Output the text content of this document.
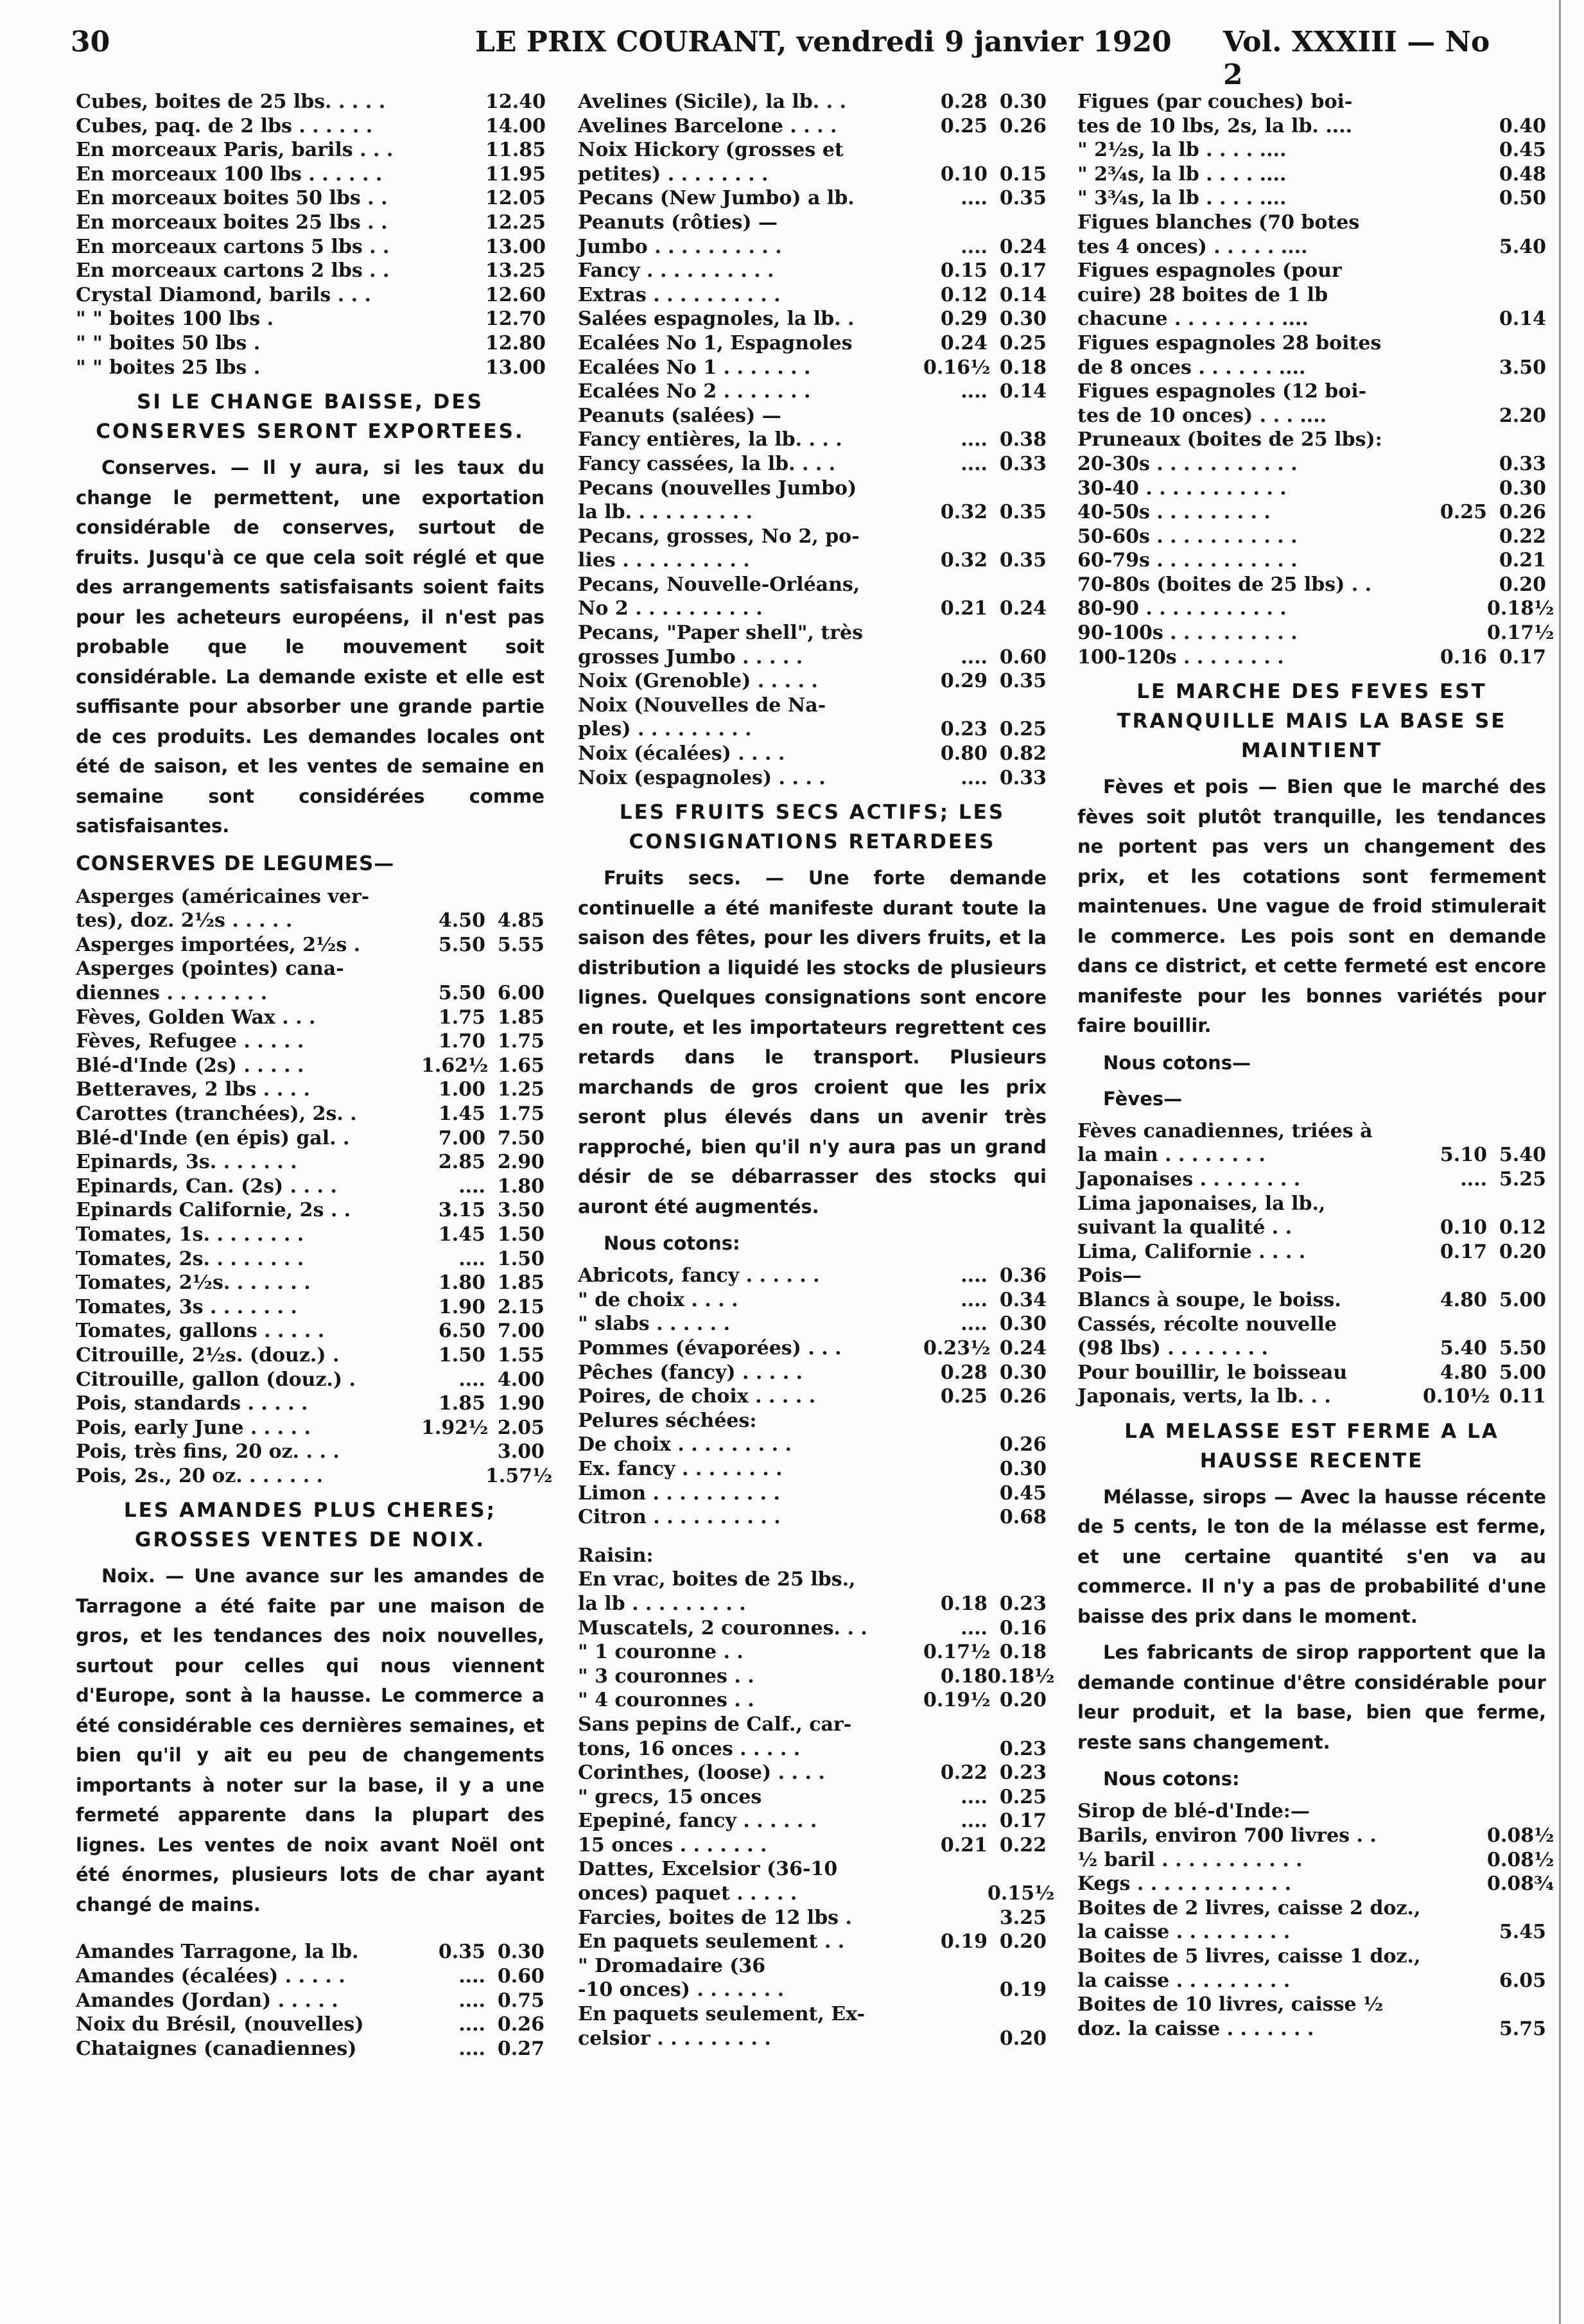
30	LE PRIX COURANT, vendredi 9 janvier 1920 Vol. XXXIII — No 2
Cubes, boites de 25 lbs. . . . .	12.40
Cubes, paq. de 2 lbs . . . . . .	14.00
En morceaux Paris, barils . . .	11.85
En morceaux 100 lbs . . . . . .	11.95
En morceaux boites 50 lbs . .	12.05
En morceaux boites 25 lbs . .	12.25
En morceaux cartons 5 lbs . .	13.00
En morceaux cartons 2 lbs . .	13.25
Crystal Diamond, barils . . .	12.60
" " boites 100 lbs .	12.70
" " boites 50 lbs .	12.80
" " boites 25 lbs .	13.00
SI LE CHANGE BAISSE, DES CONSERVES SERONT EXPORTEES.
Conserves. — Il y aura, si les taux du change le permettent, une exportation considérable de conserves, surtout de fruits. Jusqu'à ce que cela soit réglé et que des arrangements satisfaisants soient faits pour les acheteurs européens, il n'est pas probable que le mouvement soit considérable. La demande existe et elle est suffisante pour absorber une grande partie de ces produits. Les demandes locales ont été de saison, et les ventes de semaine en semaine sont considérées comme satisfaisantes.
CONSERVES DE LEGUMES—
Asperges (américaines ver-
tes), doz. 2½s . . . . .	4.50 4.85
Asperges importées, 2½s .	5.50 5.55
Asperges (pointes) cana-
diennes . . . . . . . .	5.50 6.00
Fèves, Golden Wax . . .	1.75 1.85
Fèves, Refugee . . . . .	1.70 1.75
Blé-d'Inde (2s) . . . . .	1.62½ 1.65
Betteraves, 2 lbs . . . .	1.00 1.25
Carottes (tranchées), 2s. .	1.45 1.75
Blé-d'Inde (en épis) gal. .	7.00 7.50
Epinards, 3s. . . . . . .	2.85 2.90
Epinards, Can. (2s) . . . .	.... 1.80
Epinards Californie, 2s . .	3.15 3.50
Tomates, 1s. . . . . . . .	1.45 1.50
Tomates, 2s. . . . . . . .	.... 1.50
Tomates, 2½s. . . . . . .	1.80 1.85
Tomates, 3s . . . . . . .	1.90 2.15
Tomates, gallons . . . . .	6.50 7.00
Citrouille, 2½s. (douz.) .	1.50 1.55
Citrouille, gallon (douz.) .	.... 4.00
Pois, standards . . . . .	1.85 1.90
Pois, early June . . . . .	1.92½ 2.05
Pois, très fins, 20 oz. . . .	3.00
Pois, 2s., 20 oz. . . . . . .	1.57½
LES AMANDES PLUS CHERES; GROSSES VENTES DE NOIX.
Noix. — Une avance sur les amandes de Tarragone a été faite par une maison de gros, et les tendances des noix nouvelles, surtout pour celles qui nous viennent d'Europe, sont à la hausse. Le commerce a été considérable ces dernières semaines, et bien qu'il y ait eu peu de changements importants à noter sur la base, il y a une fermeté apparente dans la plupart des lignes. Les ventes de noix avant Noël ont été énormes, plusieurs lots de char ayant changé de mains.
Amandes Tarragone, la lb.	0.35 0.30
Amandes (écalées) . . . . .	.... 0.60
Amandes (Jordan) . . . . .	.... 0.75
Noix du Brésil, (nouvelles)	.... 0.26
Chataignes (canadiennes)	.... 0.27
Avelines (Sicile), la lb. . .	0.28 0.30
Avelines Barcelone . . . .	0.25 0.26
Noix Hickory (grosses et
petites) . . . . . . . .	0.10 0.15
Pecans (New Jumbo) a lb.	.... 0.35
Peanuts (rôties) —
Jumbo . . . . . . . . . .	.... 0.24
Fancy . . . . . . . . . .	0.15 0.17
Extras . . . . . . . . . .	0.12 0.14
Salées espagnoles, la lb. .	0.29 0.30
Ecalées No 1, Espagnoles	0.24 0.25
Ecalées No 1 . . . . . . .	0.16½ 0.18
Ecalées No 2 . . . . . . .	.... 0.14
Peanuts (salées) —
Fancy entières, la lb. . . .	.... 0.38
Fancy cassées, la lb. . . .	.... 0.33
Pecans (nouvelles Jumbo)
la lb. . . . . . . . . .	0.32 0.35
Pecans, grosses, No 2, po-
lies . . . . . . . . . .	0.32 0.35
Pecans, Nouvelle-Orléans,
No 2 . . . . . . . . . .	0.21 0.24
Pecans, "Paper shell", très
grosses Jumbo . . . . .	.... 0.60
Noix (Grenoble) . . . . .	0.29 0.35
Noix (Nouvelles de Na-
ples) . . . . . . . . .	0.23 0.25
Noix (écalées) . . . .	0.80 0.82
Noix (espagnoles) . . . .	.... 0.33
LES FRUITS SECS ACTIFS; LES CONSIGNATIONS RETARDEES
Fruits secs. — Une forte demande continuelle a été manifeste durant toute la saison des fêtes, pour les divers fruits, et la distribution a liquidé les stocks de plusieurs lignes. Quelques consignations sont encore en route, et les importateurs regrettent ces retards dans le transport. Plusieurs marchands de gros croient que les prix seront plus élevés dans un avenir très rapproché, bien qu'il n'y aura pas un grand désir de se débarrasser des stocks qui auront été augmentés.
Nous cotons:
Abricots, fancy . . . . . .	.... 0.36
" de choix . . . .	.... 0.34
" slabs . . . . . .	.... 0.30
Pommes (évaporées) . . .	0.23½ 0.24
Pêches (fancy) . . . . .	0.28 0.30
Poires, de choix . . . . .	0.25 0.26
Pelures séchées:
De choix . . . . . . . . .	0.26
Ex. fancy . . . . . . . .	0.30
Limon . . . . . . . . . .	0.45
Citron . . . . . . . . . .	0.68
Raisin:
En vrac, boites de 25 lbs.,
la lb . . . . . . . . .	0.18 0.23
Muscatels, 2 couronnes. . .	.... 0.16
" 1 couronne . .	0.17½ 0.18
" 3 couronnes . .	0.18 0.18½
" 4 couronnes . .	0.19½ 0.20
Sans pepins de Calf., car-
tons, 16 onces . . . . .	0.23
Corinthes, (loose) . . . .	0.22 0.23
" grecs, 15 onces	.... 0.25
Epepiné, fancy . . . . . .	.... 0.17
15 onces . . . . . . .	0.21 0.22
Dattes, Excelsior (36-10
onces) paquet . . . . .	0.15½
Farcies, boites de 12 lbs .	3.25
En paquets seulement . .	0.19 0.20
" Dromadaire (36
-10 onces) . . . . . . .	0.19
En paquets seulement, Ex-
celsior . . . . . . . . .	0.20
Figues (par couches) boi-
tes de 10 lbs, 2s, la lb. ....	0.40
" 2½s, la lb . . . . ....	0.45
" 2¾s, la lb . . . . ....	0.48
" 3¾s, la lb . . . . ....	0.50
Figues blanches (70 botes
tes 4 onces) . . . . . ....	5.40
Figues espagnoles (pour
cuire) 28 boites de 1 lb
chacune . . . . . . . . ....	0.14
Figues espagnoles 28 boites
de 8 onces . . . . . . ....	3.50
Figues espagnoles (12 boi-
tes de 10 onces) . . . ....	2.20
Pruneaux (boites de 25 lbs):
20-30s . . . . . . . . . . .	0.33
30-40 . . . . . . . . . . .	0.30
40-50s . . . . . . . . .	0.25 0.26
50-60s . . . . . . . . . . .	0.22
60-79s . . . . . . . . . . .	0.21
70-80s (boites de 25 lbs) . .	0.20
80-90 . . . . . . . . . . .	0.18½
90-100s . . . . . . . . . .	0.17½
100-120s . . . . . . . .	0.16 0.17
LE MARCHE DES FEVES EST TRANQUILLE MAIS LA BASE SE MAINTIENT
Fèves et pois — Bien que le marché des fèves soit plutôt tranquille, les tendances ne portent pas vers un changement des prix, et les cotations sont fermement maintenues. Une vague de froid stimulerait le commerce. Les pois sont en demande dans ce district, et cette fermeté est encore manifeste pour les bonnes variétés pour faire bouillir.
Nous cotons—
Fèves—
Fèves canadiennes, triées à
la main . . . . . . . .	5.10 5.40
Japonaises . . . . . . . .	.... 5.25
Lima japonaises, la lb.,
suivant la qualité . .	0.10 0.12
Lima, Californie . . . .	0.17 0.20
Pois—
Blancs à soupe, le boiss.	4.80 5.00
Cassés, récolte nouvelle
(98 lbs) . . . . . . . .	5.40 5.50
Pour bouillir, le boisseau	4.80 5.00
Japonais, verts, la lb. . .	0.10½ 0.11
LA MELASSE EST FERME A LA HAUSSE RECENTE
Mélasse, sirops — Avec la hausse récente de 5 cents, le ton de la mélasse est ferme, et une certaine quantité s'en va au commerce. Il n'y a pas de probabilité d'une baisse des prix dans le moment.
Les fabricants de sirop rapportent que la demande continue d'être considérable pour leur produit, et la base, bien que ferme, reste sans changement.
Nous cotons:
Sirop de blé-d'Inde:—
Barils, environ 700 livres . .	0.08½
½ baril . . . . . . . . . . .	0.08½
Kegs . . . . . . . . . . . .	0.08¾
Boites de 2 livres, caisse 2 doz.,
la caisse . . . . . . . . .	5.45
Boites de 5 livres, caisse 1 doz.,
la caisse . . . . . . . . .	6.05
Boites de 10 livres, caisse ½
doz. la caisse . . . . . . .	5.75
